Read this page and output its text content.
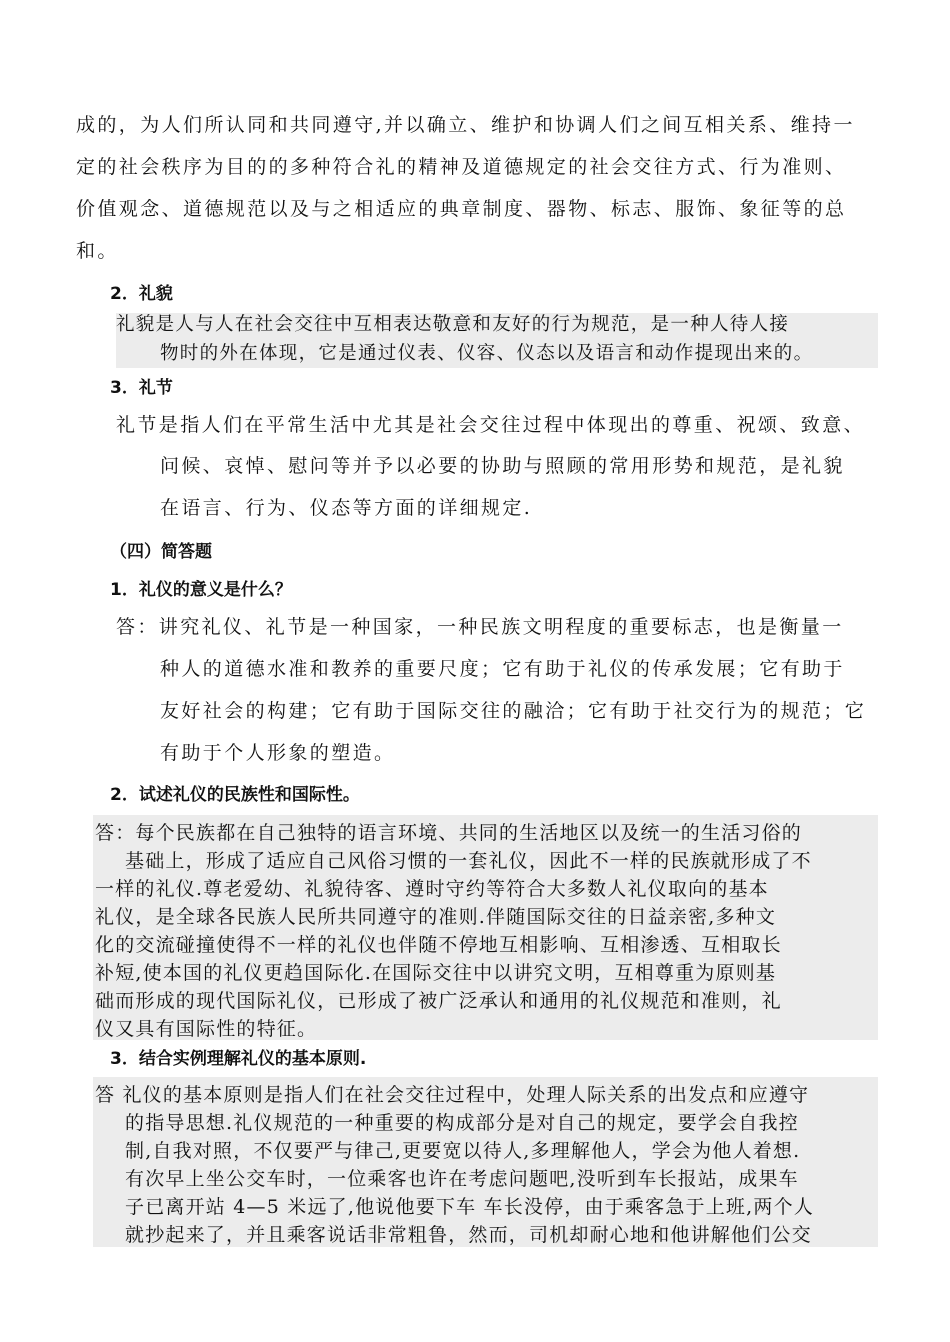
成的，为人们所认同和共同遵守,并以确立、维护和协调人们之间互相关系、维持一
定的社会秩序为目的的多种符合礼的精神及道德规定的社会交往方式、行为准则、
价值观念、道德规范以及与之相适应的典章制度、器物、标志、服饰、象征等的总
和。
2．礼貌
礼貌是人与人在社会交往中互相表达敬意和友好的行为规范，是一种人待人接
物时的外在体现，它是通过仪表、仪容、仪态以及语言和动作提现出来的。
3．礼节
礼节是指人们在平常生活中尤其是社会交往过程中体现出的尊重、祝颂、致意、
问候、哀悼、慰问等并予以必要的协助与照顾的常用形势和规范，是礼貌
在语言、行为、仪态等方面的详细规定.
（四）简答题
1．礼仪的意义是什么？
答：讲究礼仪、礼节是一种国家，一种民族文明程度的重要标志，也是衡量一
种人的道德水准和教养的重要尺度；它有助于礼仪的传承发展；它有助于
友好社会的构建；它有助于国际交往的融洽；它有助于社交行为的规范；它
有助于个人形象的塑造。
2．试述礼仪的民族性和国际性。
答：每个民族都在自己独特的语言环境、共同的生活地区以及统一的生活习俗的
基础上，形成了适应自己风俗习惯的一套礼仪，因此不一样的民族就形成了不
一样的礼仪.尊老爱幼、礼貌待客、遵时守约等符合大多数人礼仪取向的基本
礼仪，是全球各民族人民所共同遵守的准则.伴随国际交往的日益亲密,多种文
化的交流碰撞使得不一样的礼仪也伴随不停地互相影响、互相渗透、互相取长
补短,使本国的礼仪更趋国际化.在国际交往中以讲究文明，互相尊重为原则基
础而形成的现代国际礼仪，已形成了被广泛承认和通用的礼仪规范和准则，礼
仪又具有国际性的特征。
3．结合实例理解礼仪的基本原则.
答 礼仪的基本原则是指人们在社会交往过程中，处理人际关系的出发点和应遵守
的指导思想.礼仪规范的一种重要的构成部分是对自己的规定，要学会自我控
制,自我对照，不仅要严与律己,更要宽以待人,多理解他人，学会为他人着想.
有次早上坐公交车时，一位乘客也许在考虑问题吧,没听到车长报站，成果车
子已离开站 4—5 米远了,他说他要下车 车长没停，由于乘客急于上班,两个人
就抄起来了，并且乘客说话非常粗鲁，然而，司机却耐心地和他讲解他们公交
